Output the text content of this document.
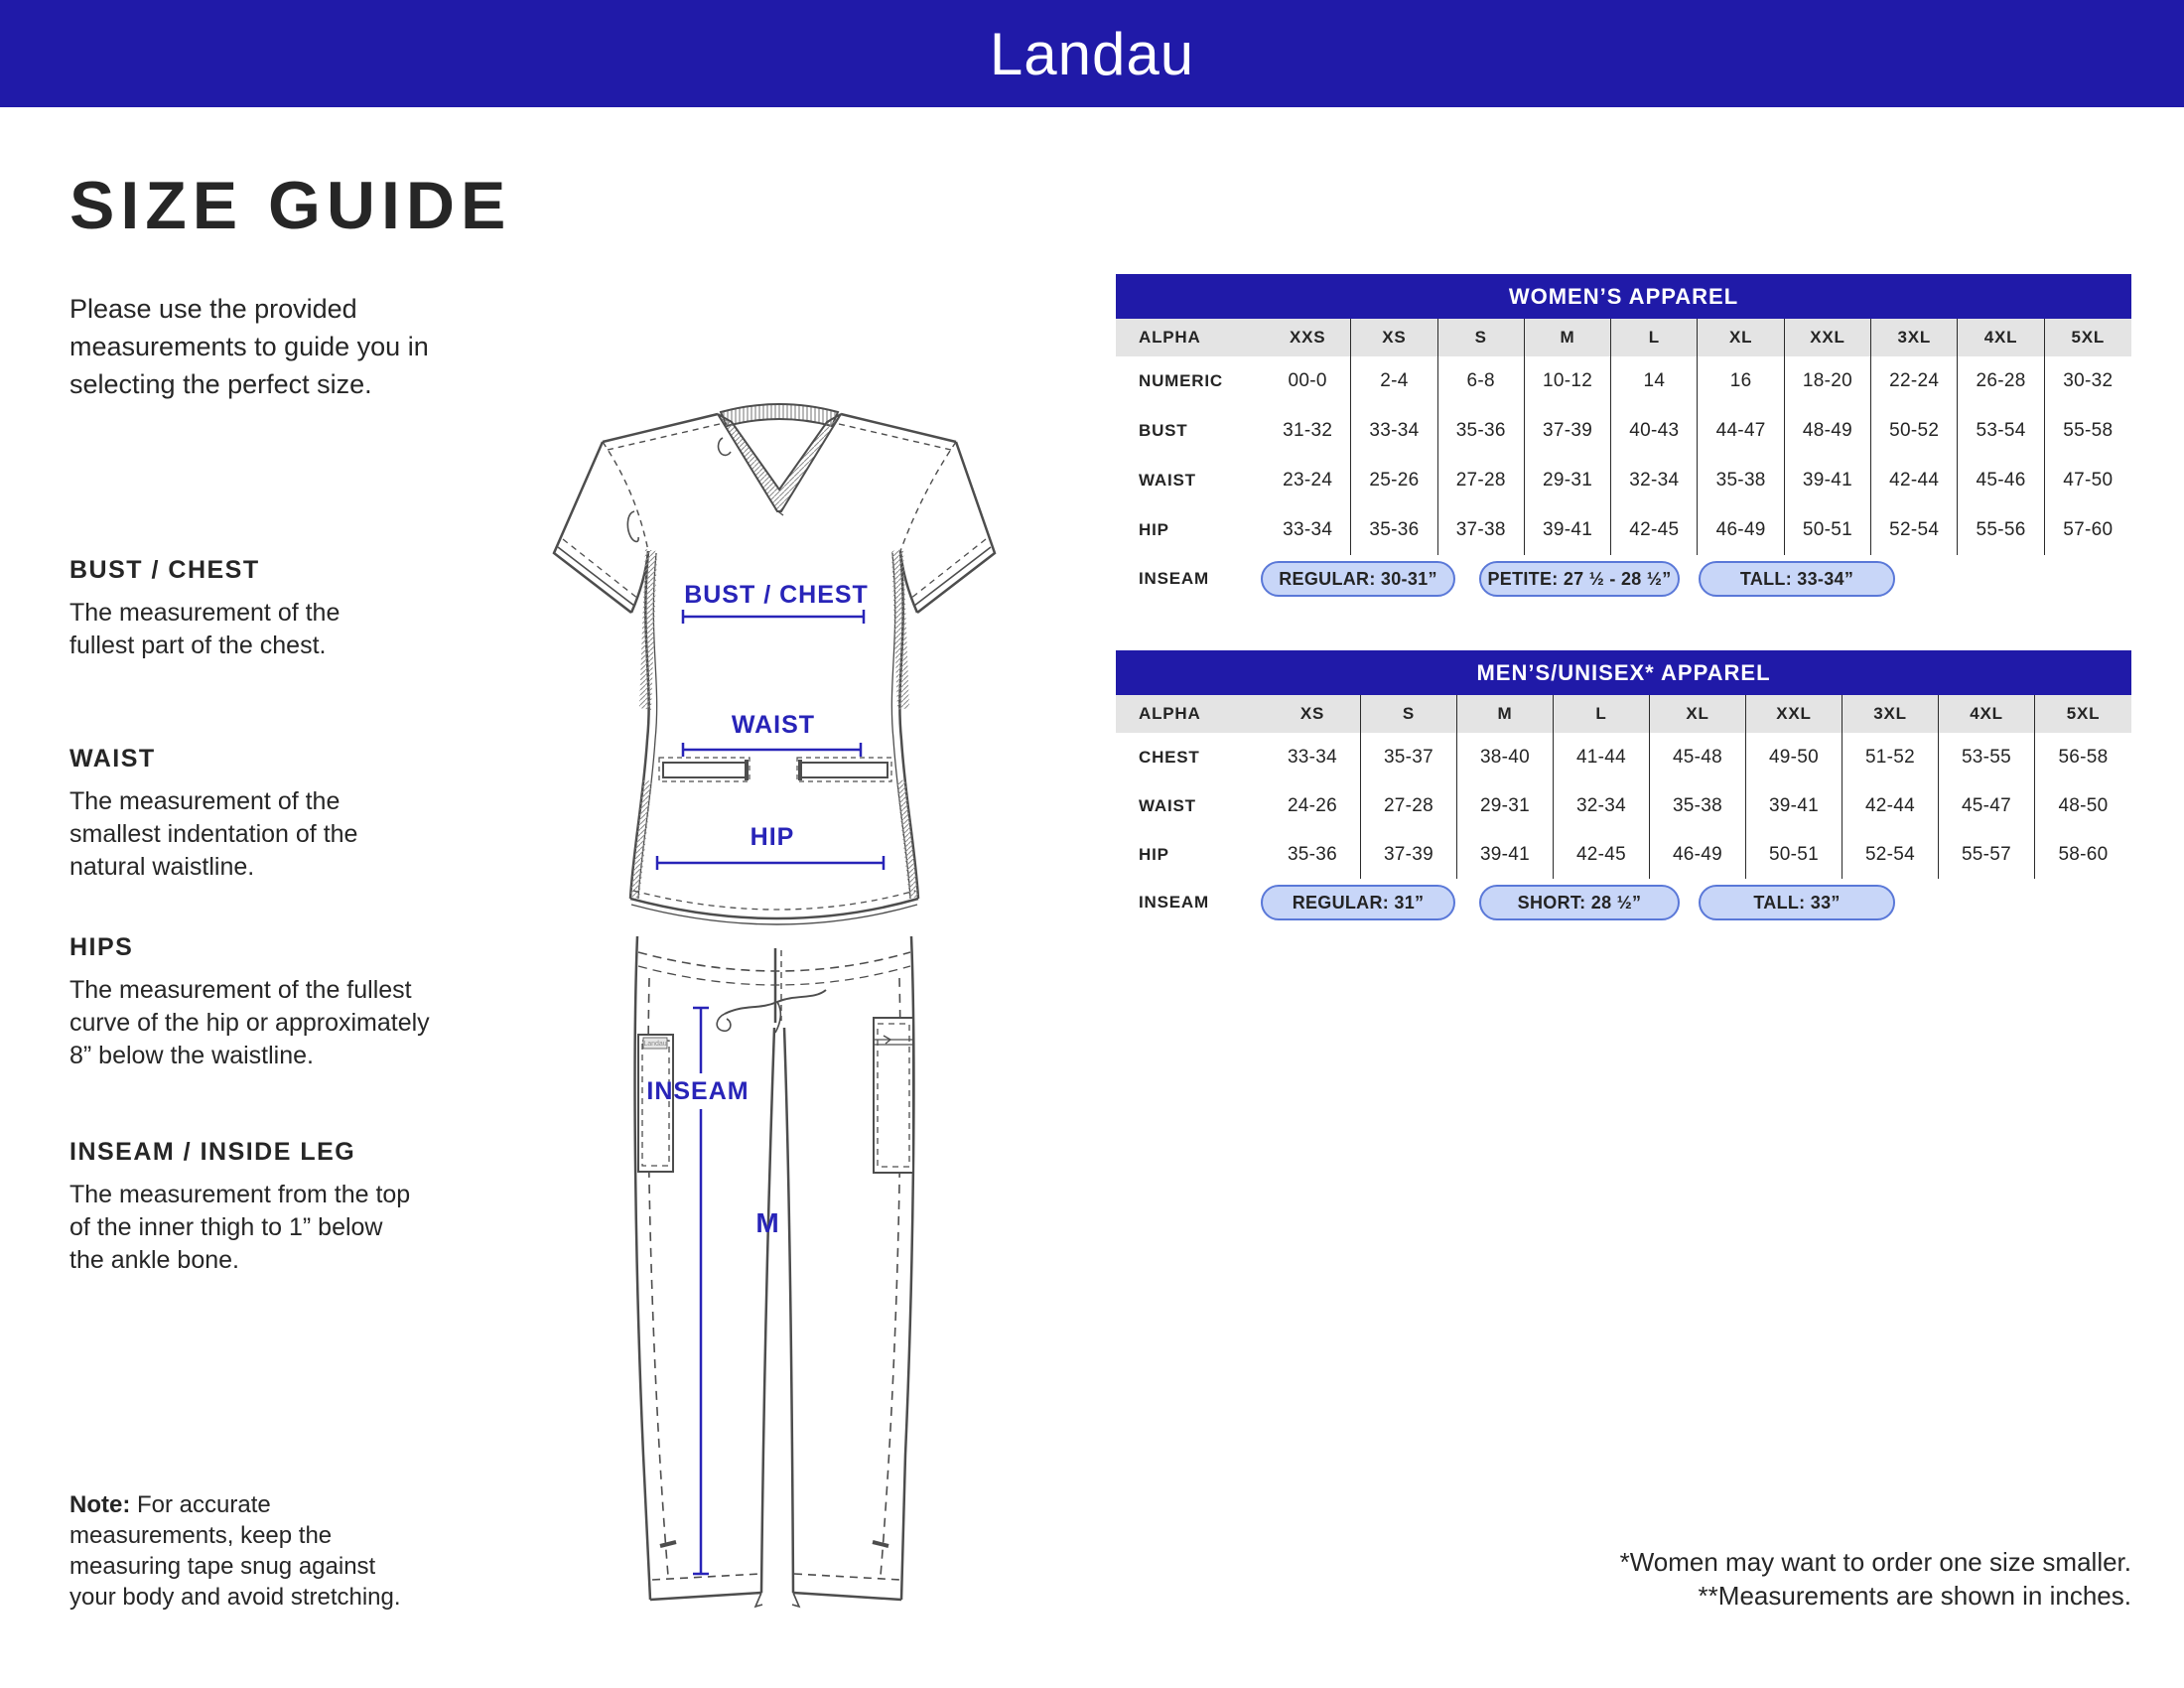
Landau
SIZE GUIDE
Please use the provided measurements to guide you in selecting the perfect size.
BUST / CHEST

The measurement of the fullest part of the chest.

WAIST

The measurement of the smallest indentation of the natural waistline.

HIPS

The measurement of the fullest curve of the hip or approximately 8” below the waistline.

INSEAM / INSIDE LEG

The measurement from the top of the inner thigh to 1” below the ankle bone.

Note: For accurate measurements, keep the measuring tape snug against your body and avoid stretching.
*Women may want to order one size smaller.
**Measurements are shown in inches.
Landau
BUST / CHEST
WAIST
HIP
INSEAM
M
WOMEN’S APPAREL
ALPHA	XXS	XS	S	M	L	XL	XXL	3XL	4XL	5XL
NUMERIC	00-0	2-4	6-8	10-12	14	16	18-20	22-24	26-28	30-32
BUST	31-32	33-34	35-36	37-39	40-43	44-47	48-49	50-52	53-54	55-58
WAIST	23-24	25-26	27-28	29-31	32-34	35-38	39-41	42-44	45-46	47-50
HIP	33-34	35-36	37-38	39-41	42-45	46-49	50-51	52-54	55-56	57-60
INSEAM	REGULAR: 30-31”	PETITE: 27 ½ - 28 ½”	TALL: 33-34”
MEN’S/UNISEX* APPAREL
ALPHA	XS	S	M	L	XL	XXL	3XL	4XL	5XL
CHEST	33-34	35-37	38-40	41-44	45-48	49-50	51-52	53-55	56-58
WAIST	24-26	27-28	29-31	32-34	35-38	39-41	42-44	45-47	48-50
HIP	35-36	37-39	39-41	42-45	46-49	50-51	52-54	55-57	58-60
INSEAM	REGULAR: 31”	SHORT: 28 ½”	TALL: 33”
